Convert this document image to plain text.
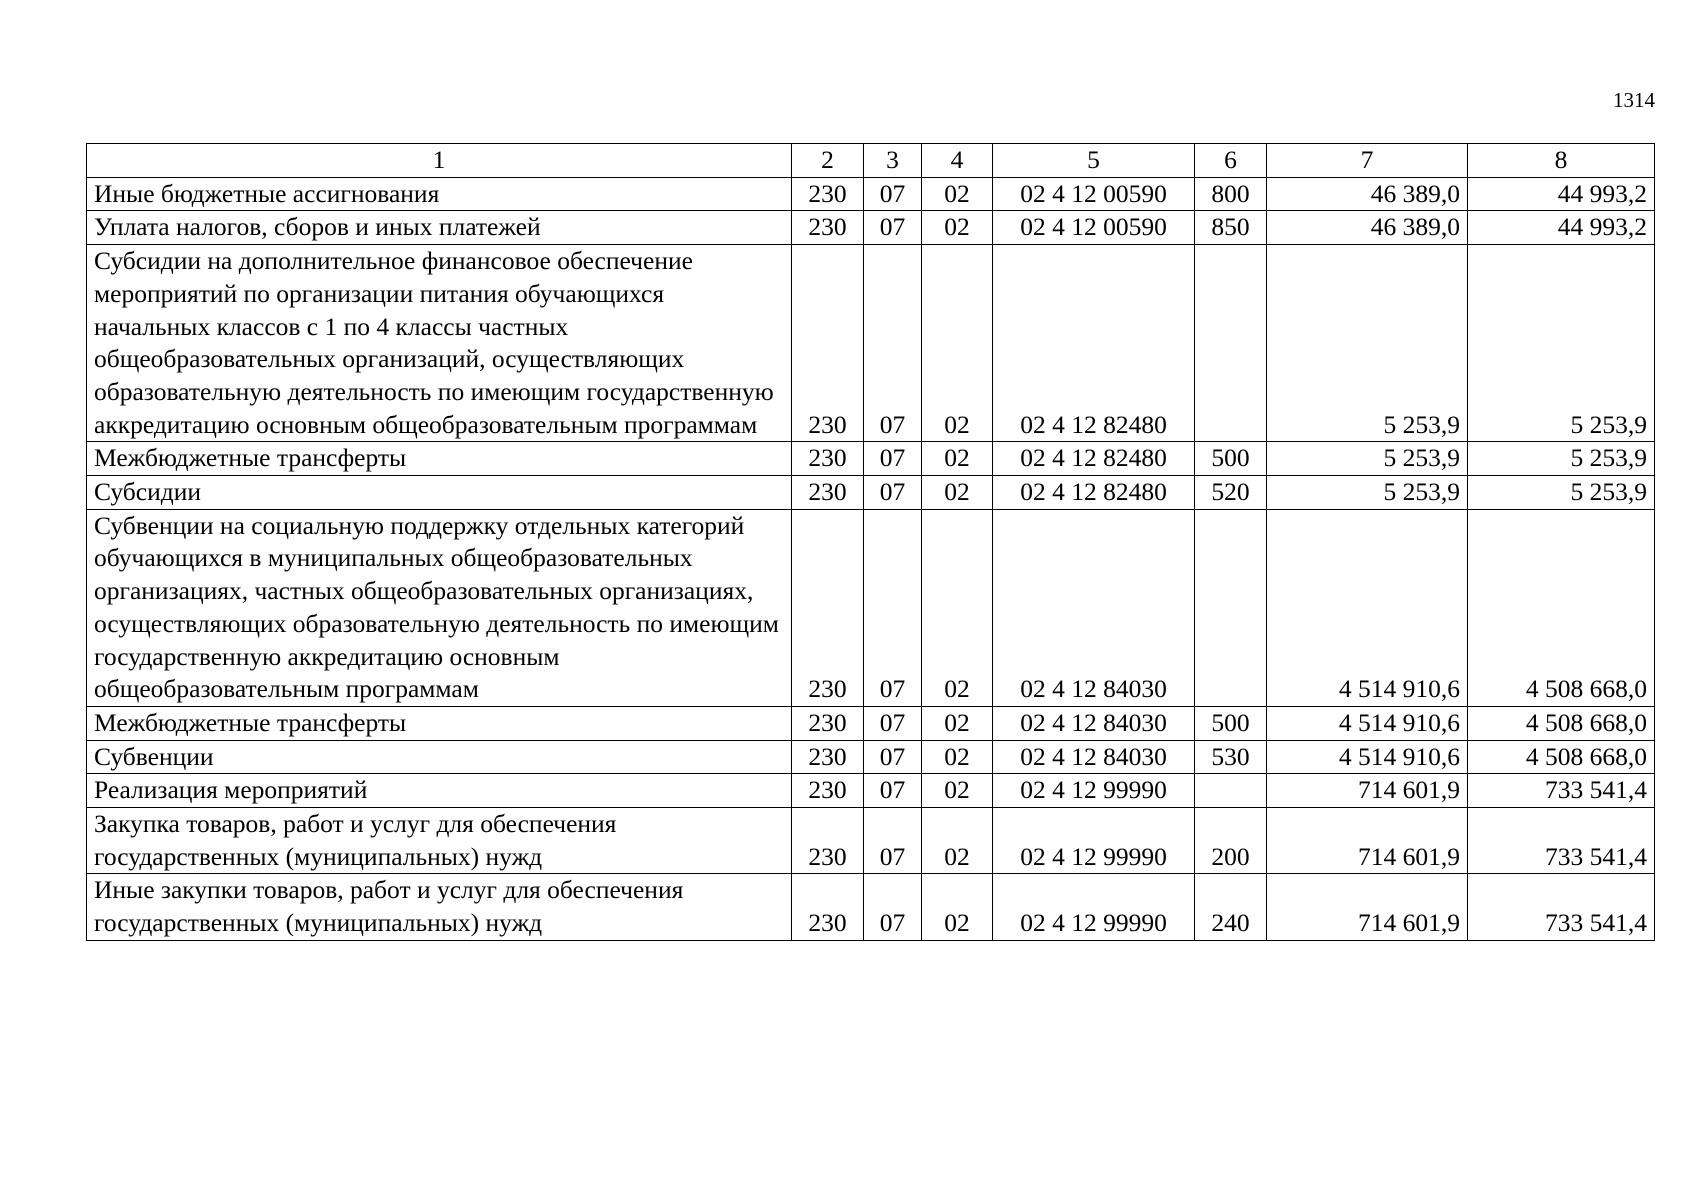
1314
1	2	3	4	5	6	7	8
Иные бюджетные ассигнования	230	07	02	02 4 12 00590	800	46 389,0	44 993,2
Уплата налогов, сборов и иных платежей	230	07	02	02 4 12 00590	850	46 389,0	44 993,2
Субсидии на дополнительное финансовое обеспечение мероприятий по организации питания обучающихся начальных классов с 1 по 4 классы частных общеобразовательных организаций, осуществляющих образовательную деятельность по имеющим государственную аккредитацию основным общеобразовательным программам	230	07	02	02 4 12 82480		5 253,9	5 253,9
Межбюджетные трансферты	230	07	02	02 4 12 82480	500	5 253,9	5 253,9
Субсидии	230	07	02	02 4 12 82480	520	5 253,9	5 253,9
Субвенции на социальную поддержку отдельных категорий обучающихся в муниципальных общеобразовательных организациях, частных общеобразовательных организациях, осуществляющих образовательную деятельность по имеющим государственную аккредитацию основным общеобразовательным программам	230	07	02	02 4 12 84030		4 514 910,6	4 508 668,0
Межбюджетные трансферты	230	07	02	02 4 12 84030	500	4 514 910,6	4 508 668,0
Субвенции	230	07	02	02 4 12 84030	530	4 514 910,6	4 508 668,0
Реализация мероприятий	230	07	02	02 4 12 99990		714 601,9	733 541,4
Закупка товаров, работ и услуг для обеспечения государственных (муниципальных) нужд	230	07	02	02 4 12 99990	200	714 601,9	733 541,4
Иные закупки товаров, работ и услуг для обеспечения государственных (муниципальных) нужд	230	07	02	02 4 12 99990	240	714 601,9	733 541,4
